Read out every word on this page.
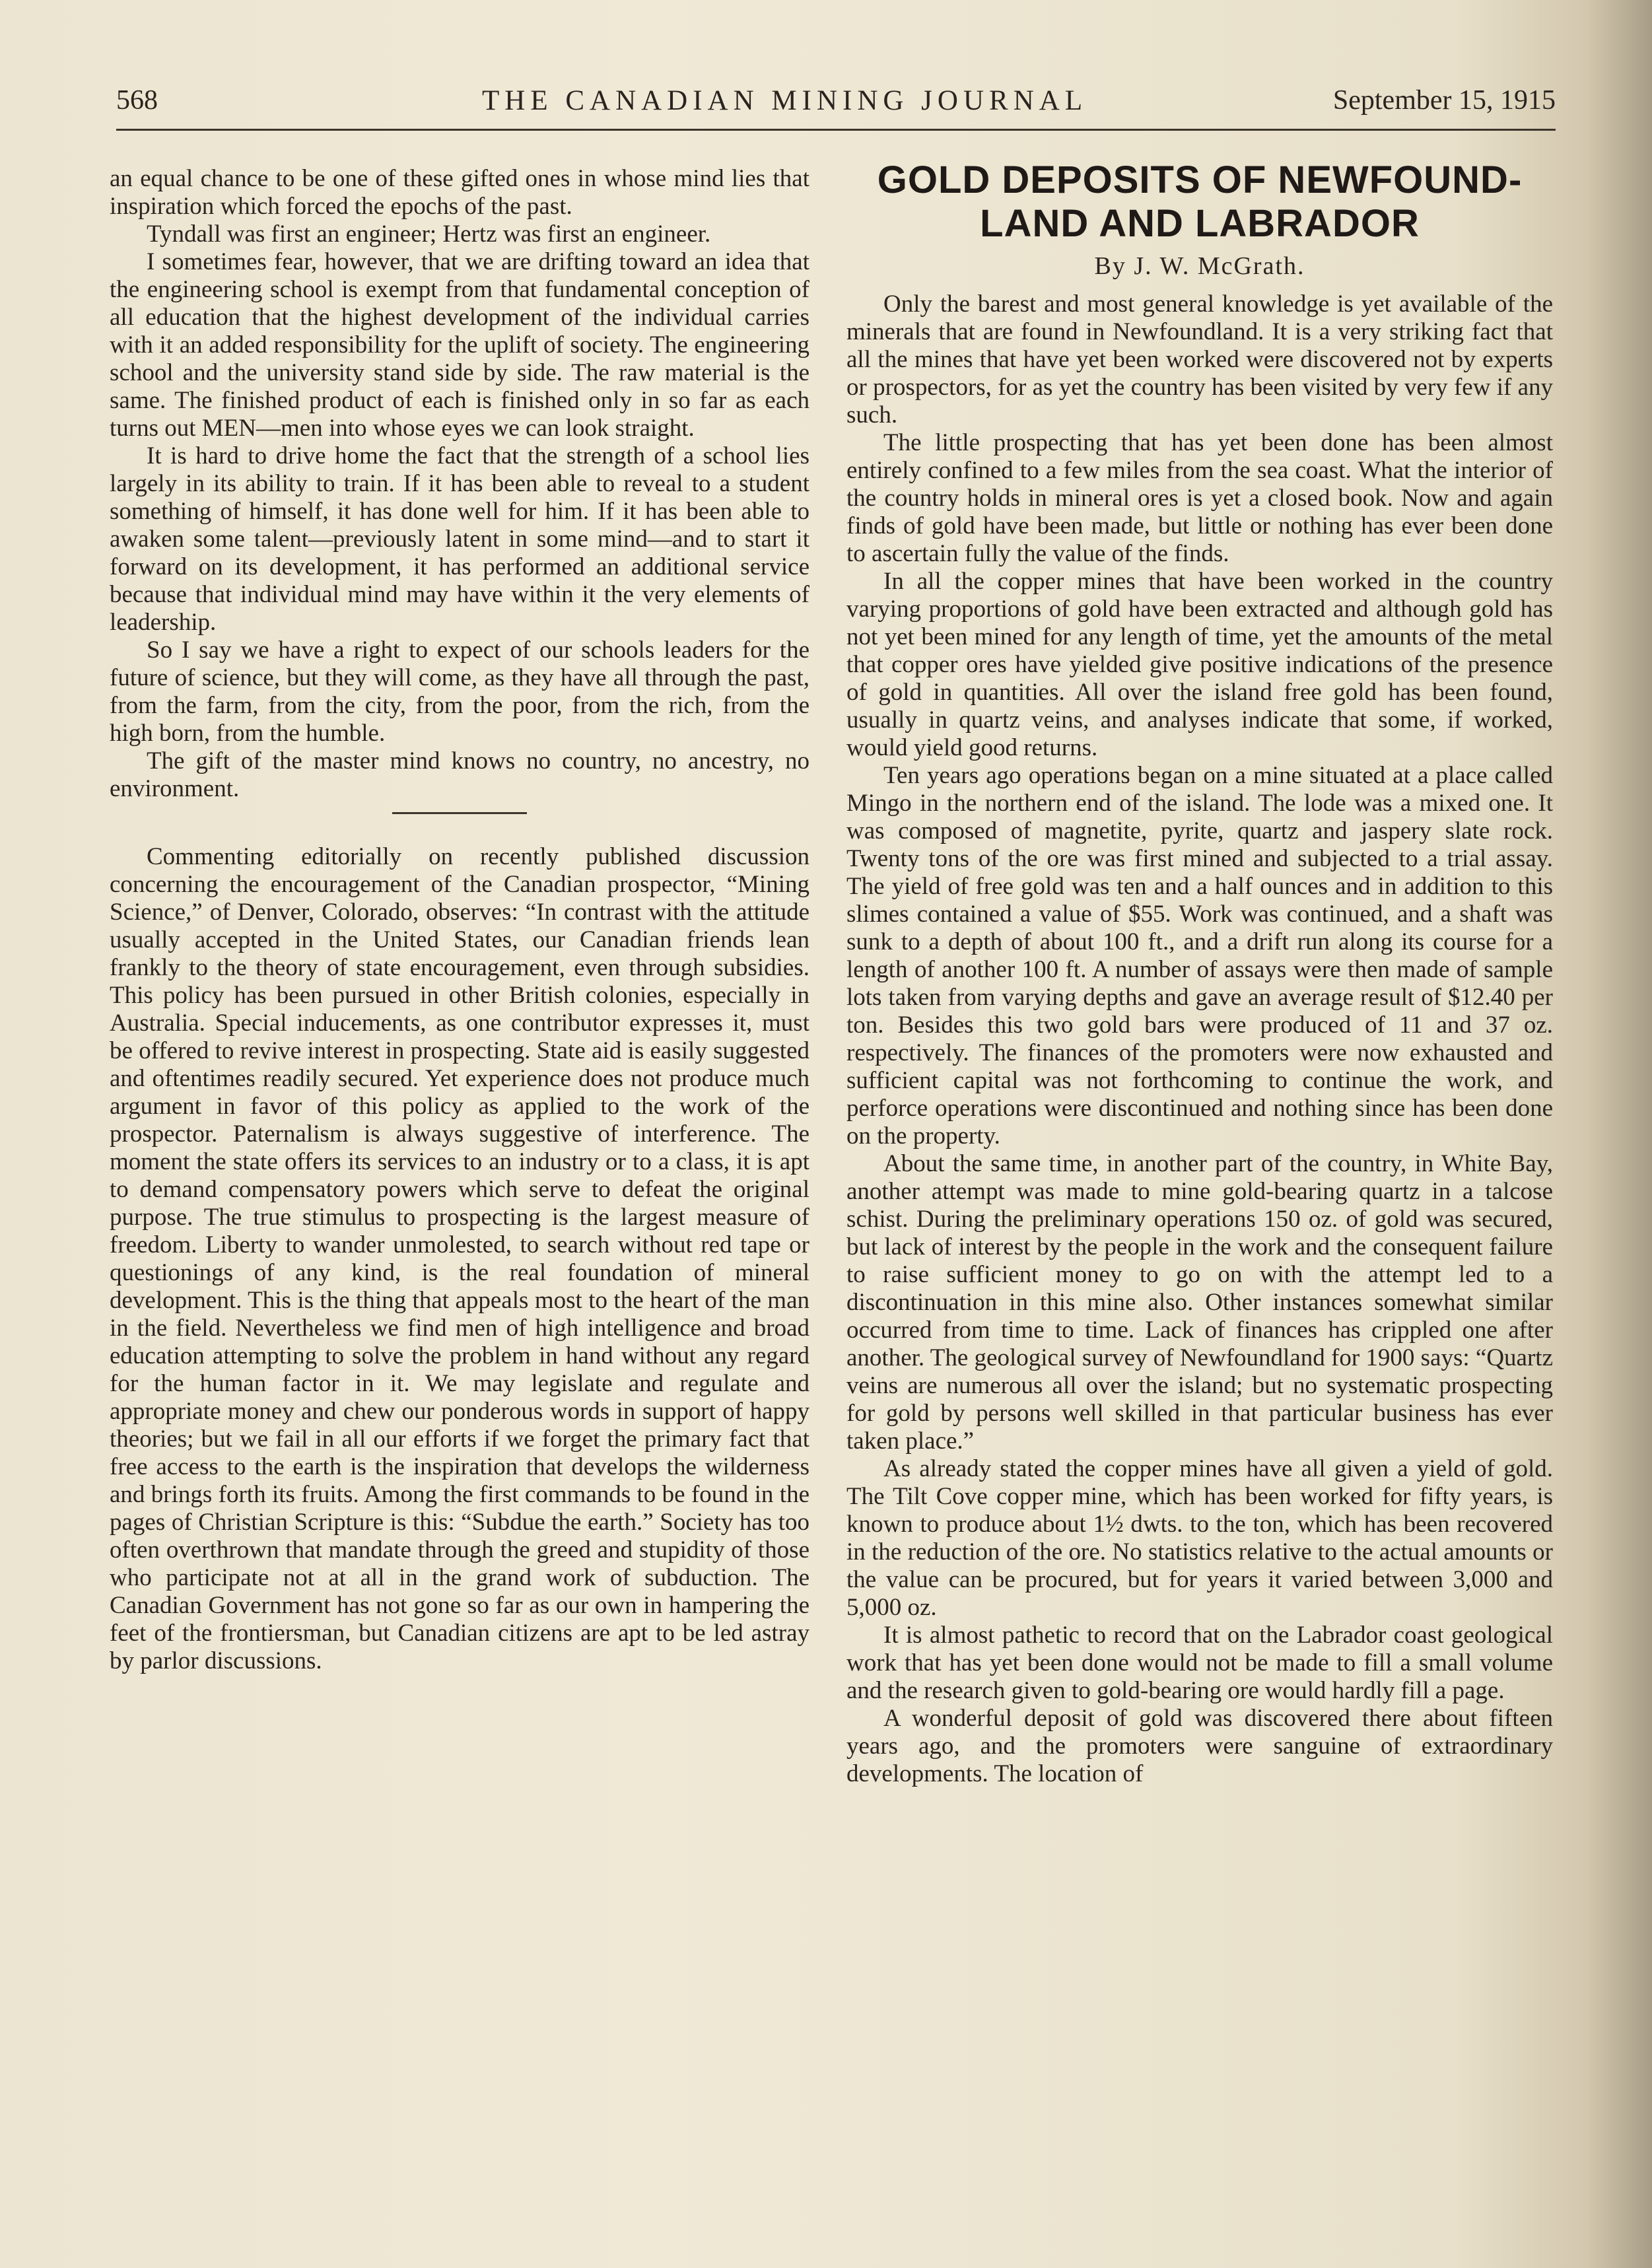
568	THE CANADIAN MINING JOURNAL	September 15, 1915

an equal chance to be one of these gifted ones in whose mind lies that inspiration which forced the epochs of the past.

Tyndall was first an engineer; Hertz was first an engineer.

I sometimes fear, however, that we are drifting toward an idea that the engineering school is exempt from that fundamental conception of all education that the highest development of the individual carries with it an added responsibility for the uplift of society. The engineering school and the university stand side by side. The raw material is the same. The finished product of each is finished only in so far as each turns out MEN—men into whose eyes we can look straight.

It is hard to drive home the fact that the strength of a school lies largely in its ability to train. If it has been able to reveal to a student something of himself, it has done well for him. If it has been able to awaken some talent—previously latent in some mind—and to start it forward on its development, it has performed an additional service because that individual mind may have within it the very elements of leadership.

So I say we have a right to expect of our schools leaders for the future of science, but they will come, as they have all through the past, from the farm, from the city, from the poor, from the rich, from the high born, from the humble.

The gift of the master mind knows no country, no ancestry, no environment.

Commenting editorially on recently published discussion concerning the encouragement of the Canadian prospector, “Mining Science,” of Denver, Colorado, observes: “In contrast with the attitude usually accepted in the United States, our Canadian friends lean frankly to the theory of state encouragement, even through subsidies. This policy has been pursued in other British colonies, especially in Australia. Special inducements, as one contributor expresses it, must be offered to revive interest in prospecting. State aid is easily suggested and oftentimes readily secured. Yet experience does not produce much argument in favor of this policy as applied to the work of the prospector. Paternalism is always suggestive of interference. The moment the state offers its services to an industry or to a class, it is apt to demand compensatory powers which serve to defeat the original purpose. The true stimulus to prospecting is the largest measure of freedom. Liberty to wander unmolested, to search without red tape or questionings of any kind, is the real foundation of mineral development. This is the thing that appeals most to the heart of the man in the field. Nevertheless we find men of high intelligence and broad education attempting to solve the problem in hand without any regard for the human factor in it. We may legislate and regulate and appropriate money and chew our ponderous words in support of happy theories; but we fail in all our efforts if we forget the primary fact that free access to the earth is the inspiration that develops the wilderness and brings forth its fruits. Among the first commands to be found in the pages of Christian Scripture is this: “Subdue the earth.” Society has too often overthrown that mandate through the greed and stupidity of those who participate not at all in the grand work of subduction. The Canadian Government has not gone so far as our own in hampering the feet of the frontiersman, but Canadian citizens are apt to be led astray by parlor discussions.

GOLD DEPOSITS OF NEWFOUND-
LAND AND LABRADOR
By J. W. McGrath.

Only the barest and most general knowledge is yet available of the minerals that are found in Newfoundland. It is a very striking fact that all the mines that have yet been worked were discovered not by experts or prospectors, for as yet the country has been visited by very few if any such.

The little prospecting that has yet been done has been almost entirely confined to a few miles from the sea coast. What the interior of the country holds in mineral ores is yet a closed book. Now and again finds of gold have been made, but little or nothing has ever been done to ascertain fully the value of the finds.

In all the copper mines that have been worked in the country varying proportions of gold have been extracted and although gold has not yet been mined for any length of time, yet the amounts of the metal that copper ores have yielded give positive indications of the presence of gold in quantities. All over the island free gold has been found, usually in quartz veins, and analyses indicate that some, if worked, would yield good returns.

Ten years ago operations began on a mine situated at a place called Mingo in the northern end of the island. The lode was a mixed one. It was composed of magnetite, pyrite, quartz and jaspery slate rock. Twenty tons of the ore was first mined and subjected to a trial assay. The yield of free gold was ten and a half ounces and in addition to this slimes contained a value of $55. Work was continued, and a shaft was sunk to a depth of about 100 ft., and a drift run along its course for a length of another 100 ft. A number of assays were then made of sample lots taken from varying depths and gave an average result of $12.40 per ton. Besides this two gold bars were produced of 11 and 37 oz. respectively. The finances of the promoters were now exhausted and sufficient capital was not forthcoming to continue the work, and perforce operations were discontinued and nothing since has been done on the property.

About the same time, in another part of the country, in White Bay, another attempt was made to mine gold-bearing quartz in a talcose schist. During the preliminary operations 150 oz. of gold was secured, but lack of interest by the people in the work and the consequent failure to raise sufficient money to go on with the attempt led to a discontinuation in this mine also. Other instances somewhat similar occurred from time to time. Lack of finances has crippled one after another. The geological survey of Newfoundland for 1900 says: “Quartz veins are numerous all over the island; but no systematic prospecting for gold by persons well skilled in that particular business has ever taken place.”

As already stated the copper mines have all given a yield of gold. The Tilt Cove copper mine, which has been worked for fifty years, is known to produce about 1½ dwts. to the ton, which has been recovered in the reduction of the ore. No statistics relative to the actual amounts or the value can be procured, but for years it varied between 3,000 and 5,000 oz.

It is almost pathetic to record that on the Labrador coast geological work that has yet been done would not be made to fill a small volume and the research given to gold-bearing ore would hardly fill a page.

A wonderful deposit of gold was discovered there about fifteen years ago, and the promoters were sanguine of extraordinary developments. The location of
